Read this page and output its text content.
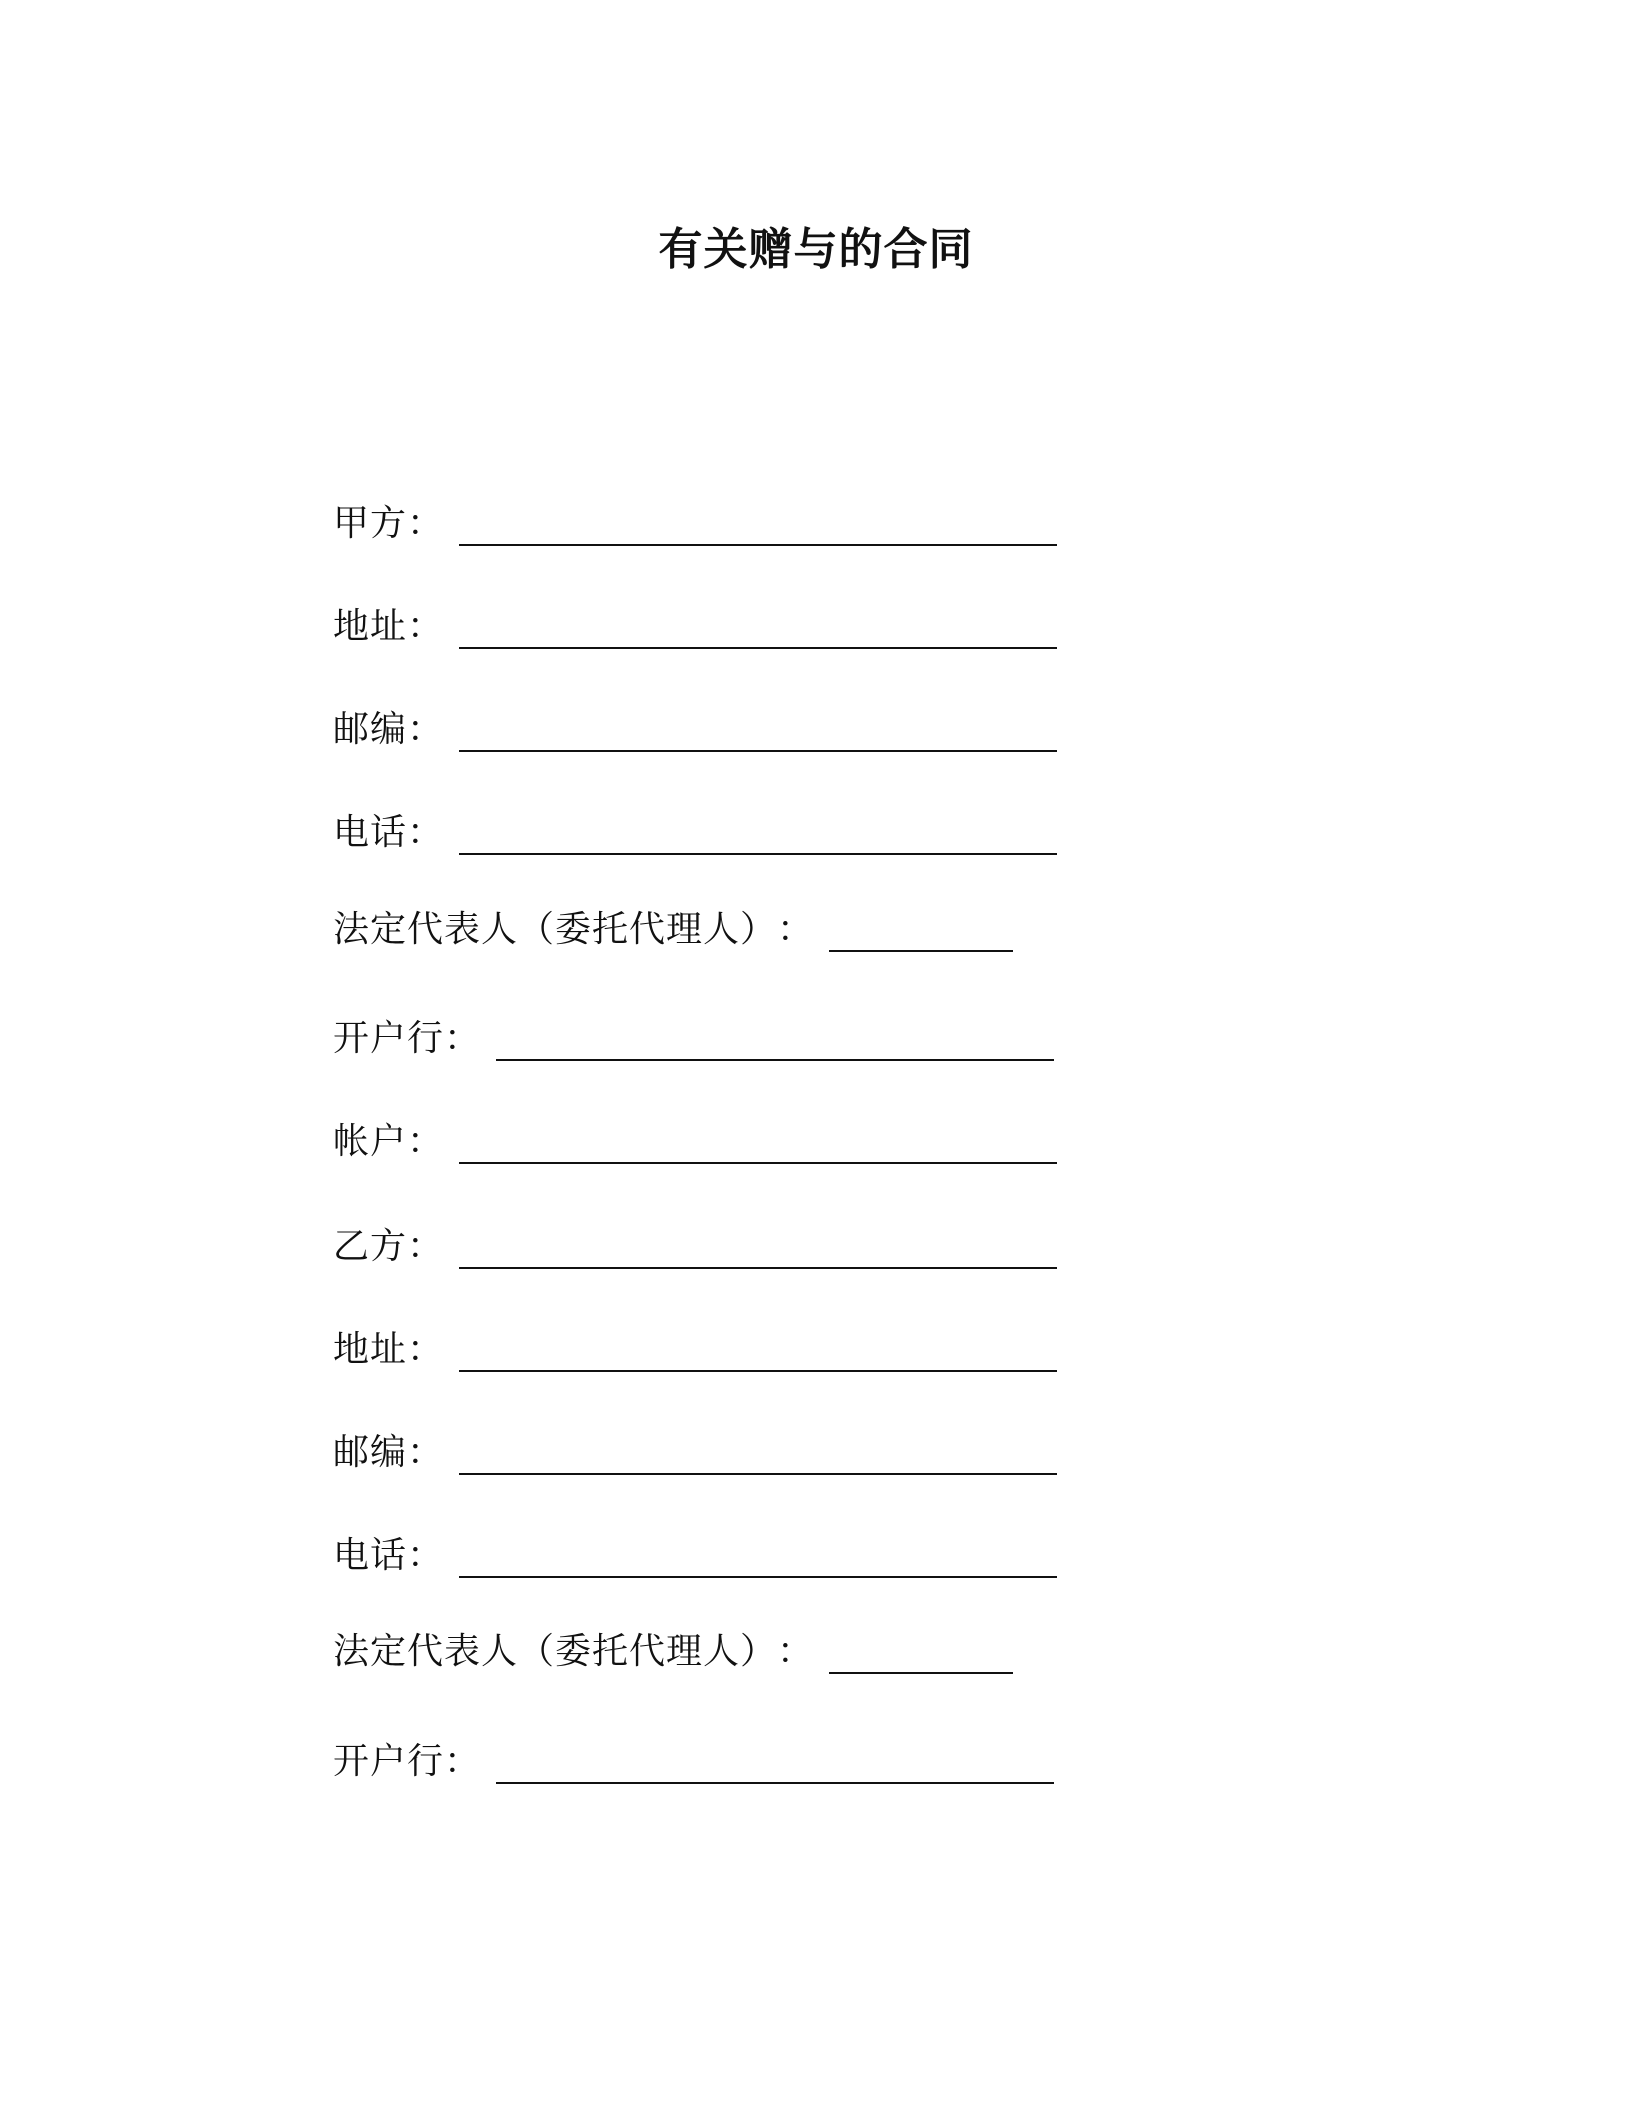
有关赠与的合同
甲方 ：
地址 ：
邮编 ：
电话 ：
法定代表人（委托代理人） ：
开户行 ：
帐户 ：
乙方 ：
地址 ：
邮编 ：
电话 ：
法定代表人（委托代理人） ：
开户行 ：
